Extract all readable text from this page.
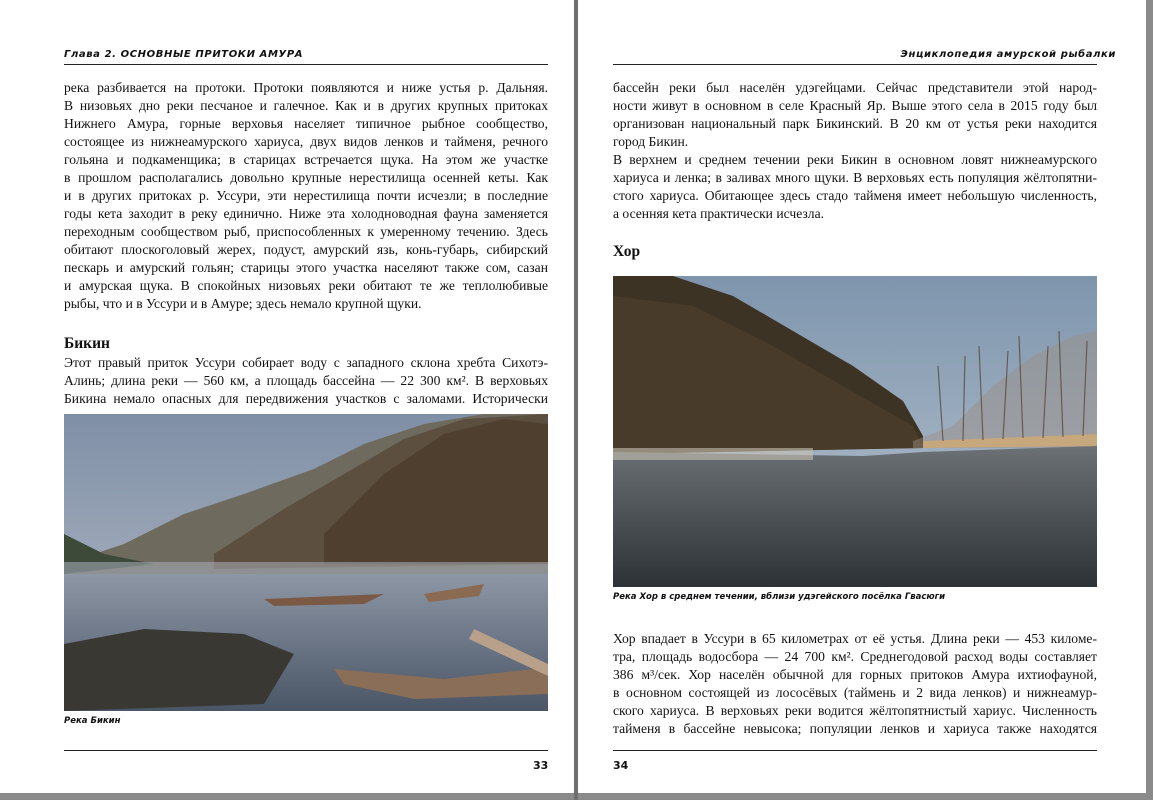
Глава 2. ОСНОВНЫЕ ПРИТОКИ АМУРА
река разбивается на протоки. Протоки появляются и ниже устья р. Дальняя.
В низовьях дно реки песчаное и галечное. Как и в других крупных притоках
Нижнего Амура, горные верховья населяет типичное рыбное сообщество,
состоящее из нижнеамурского хариуса, двух видов ленков и тайменя, речного
гольяна и подкаменщика; в старицах встречается щука. На этом же участке
в прошлом располагались довольно крупные нерестилища осенней кеты. Как
и в других притоках р. Уссури, эти нерестилища почти исчезли; в последние
годы кета заходит в реку единично. Ниже эта холодноводная фауна заменяется
переходным сообществом рыб, приспособленных к умеренному течению. Здесь
обитают плоскоголовый жерех, подуст, амурский язь, конь-губарь, сибирский
пескарь и амурский гольян; старицы этого участка населяют также сом, сазан
и амурская щука. В спокойных низовьях реки обитают те же теплолюбивые
рыбы, что и в Уссури и в Амуре; здесь немало крупной щуки.
Бикин
Этот правый приток Уссури собирает воду с западного склона хребта Сихотэ-
Алинь; длина реки — 560 км, а площадь бассейна — 22 300 км². В верховьях
Бикина немало опасных для передвижения участков с заломами. Исторически
Река Бикин
33
Энциклопедия амурской рыбалки
бассейн реки был населён удэгейцами. Сейчас представители этой народ-
ности живут в основном в селе Красный Яр. Выше этого села в 2015 году был
организован национальный парк Бикинский. В 20 км от устья реки находится
город Бикин.
В верхнем и среднем течении реки Бикин в основном ловят нижнеамурского
хариуса и ленка; в заливах много щуки. В верховьях есть популяция жёлтопятни-
стого хариуса. Обитающее здесь стадо тайменя имеет небольшую численность,
а осенняя кета практически исчезла.
Хор
Река Хор в среднем течении, вблизи удэгейского посёлка Гвасюги
Хор впадает в Уссури в 65 километрах от её устья. Длина реки — 453 киломе-
тра, площадь водосбора — 24 700 км². Среднегодовой расход воды составляет
386 м³/сек. Хор населён обычной для горных притоков Амура ихтиофауной,
в основном состоящей из лососёвых (таймень и 2 вида ленков) и нижнеамур-
ского хариуса. В верховьях реки водится жёлтопятнистый хариус. Численность
тайменя в бассейне невысока; популяции ленков и хариуса также находятся
34
